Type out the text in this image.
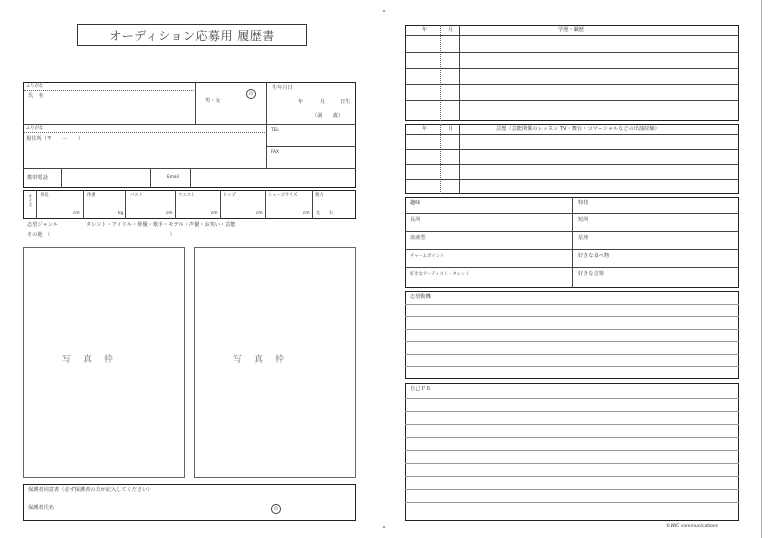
オーディション応募用 履歴書
ふりがな
氏　名
男・女
印
生年月日
年	月	日生
（満　　歳）
ふりがな
現住所（〒　　－　　）
TEL
FAX
携帯電話	Email
サイズ 身長	体重	バスト	ウエスト	ヒップ	シューズサイズ	視力
cm	kg	cm	cm	cm	cm 左　　右
志望ジャンル	タレント・アイドル・俳優・歌手・モデル・声優・お笑い・芸能
その他　（　　　　　　　　　　　　　　　　　　　　　　　）
写真枠	写真枠
保護者同意書（必ず保護者の方が記入してください）
保護者氏名	印
年	月	学歴・職歴
年	月	芸歴（芸能関係のレッスン TV・舞台・コマーシャルなどの出演経験）
趣味	特技
長所	短所
血液型	星座
チャームポイント	好きな食べ物
好きなアーティスト・タレント	好きな音楽
志望動機
自己ＰＲ
©WIC communications
